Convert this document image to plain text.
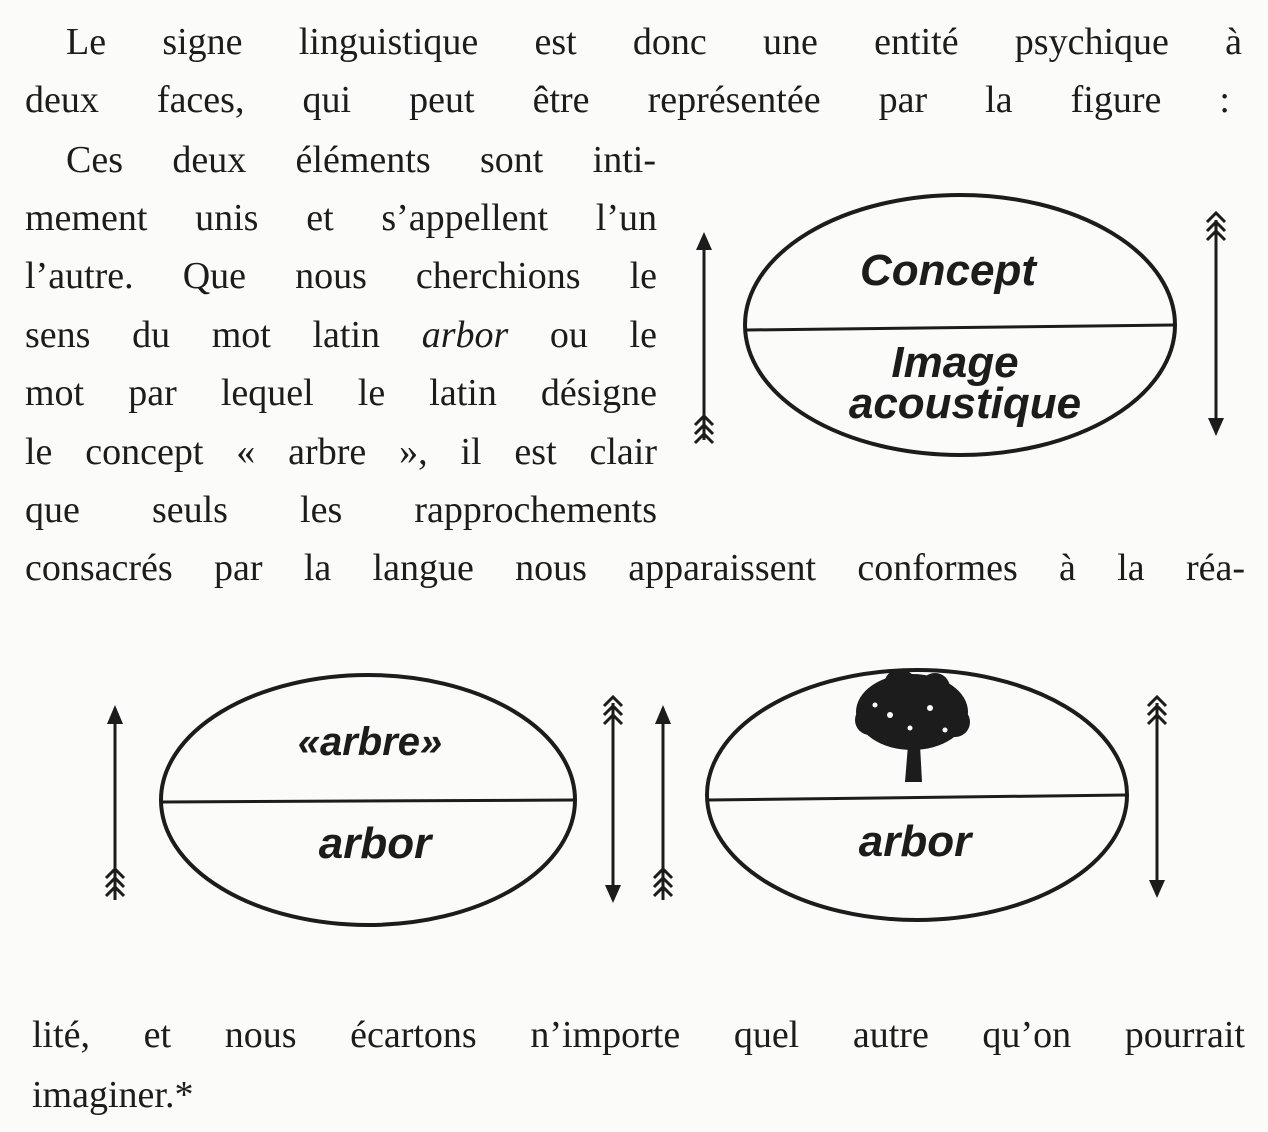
Le signe linguistique est donc une entité psychique à
deux faces, qui peut être représentée par la figure :
Ces deux éléments sont inti-
mement unis et s’appellent l’un
l’autre. Que nous cherchions le
sens du mot latin arbor ou le
mot par lequel le latin désigne
le concept « arbre », il est clair
que seuls les rapprochements
consacrés par la langue nous apparaissent conformes à la réa-
lité, et nous écartons n’importe quel autre qu’on pourrait
imaginer.*
Concept
Image
acoustique
«arbre»
arbor	arbor
